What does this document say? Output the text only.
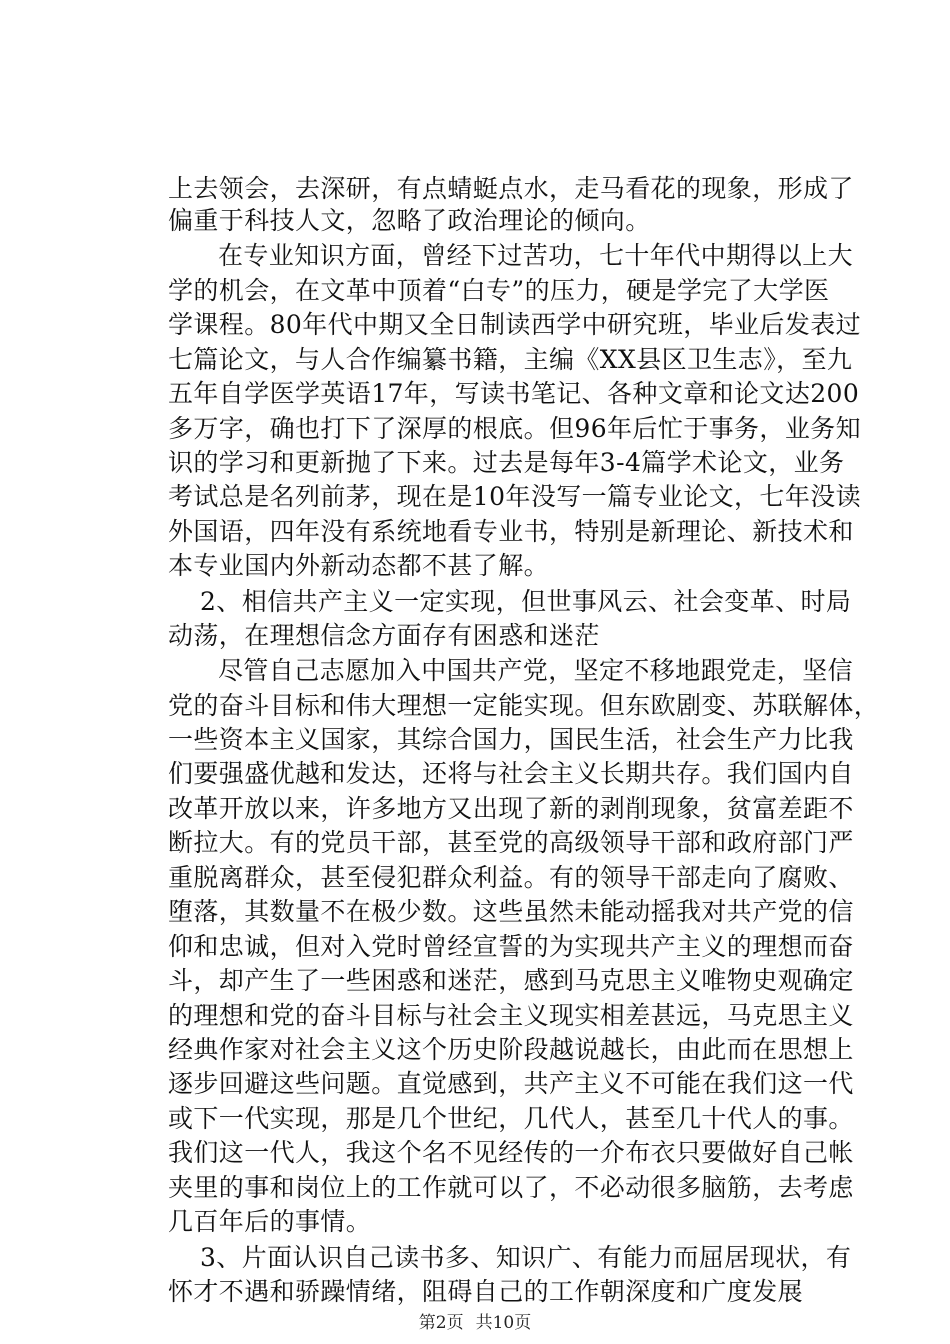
上去领会，去深研，有点蜻蜓点水，走马看花的现象，形成了
偏重于科技人文，忽略了政治理论的倾向。
在专业知识方面，曾经下过苦功，七十年代中期得以上大
学的机会，在文革中顶着“白专”的压力，硬是学完了大学医
学课程。80年代中期又全日制读西学中研究班，毕业后发表过
七篇论文，与人合作编纂书籍，主编《XX县区卫生志》，至九
五年自学医学英语17年，写读书笔记、各种文章和论文达200
多万字，确也打下了深厚的根底。但96年后忙于事务，业务知
识的学习和更新抛了下来。过去是每年3-4篇学术论文，业务
考试总是名列前茅，现在是10年没写一篇专业论文，七年没读
外国语，四年没有系统地看专业书，特别是新理论、新技术和
本专业国内外新动态都不甚了解。
2、相信共产主义一定实现，但世事风云、社会变革、时局
动荡，在理想信念方面存有困惑和迷茫
尽管自己志愿加入中国共产党，坚定不移地跟党走，坚信
党的奋斗目标和伟大理想一定能实现。但东欧剧变、苏联解体，
一些资本主义国家，其综合国力，国民生活，社会生产力比我
们要强盛优越和发达，还将与社会主义长期共存。我们国内自
改革开放以来，许多地方又出现了新的剥削现象，贫富差距不
断拉大。有的党员干部，甚至党的高级领导干部和政府部门严
重脱离群众，甚至侵犯群众利益。有的领导干部走向了腐败、
堕落，其数量不在极少数。这些虽然未能动摇我对共产党的信
仰和忠诚，但对入党时曾经宣誓的为实现共产主义的理想而奋
斗，却产生了一些困惑和迷茫，感到马克思主义唯物史观确定
的理想和党的奋斗目标与社会主义现实相差甚远，马克思主义
经典作家对社会主义这个历史阶段越说越长，由此而在思想上
逐步回避这些问题。直觉感到，共产主义不可能在我们这一代
或下一代实现，那是几个世纪，几代人，甚至几十代人的事。
我们这一代人，我这个名不见经传的一介布衣只要做好自己帐
夹里的事和岗位上的工作就可以了，不必动很多脑筋，去考虑
几百年后的事情。
3、片面认识自己读书多、知识广、有能力而屈居现状，有
怀才不遇和骄躁情绪，阻碍自己的工作朝深度和广度发展
第2页 共10页
